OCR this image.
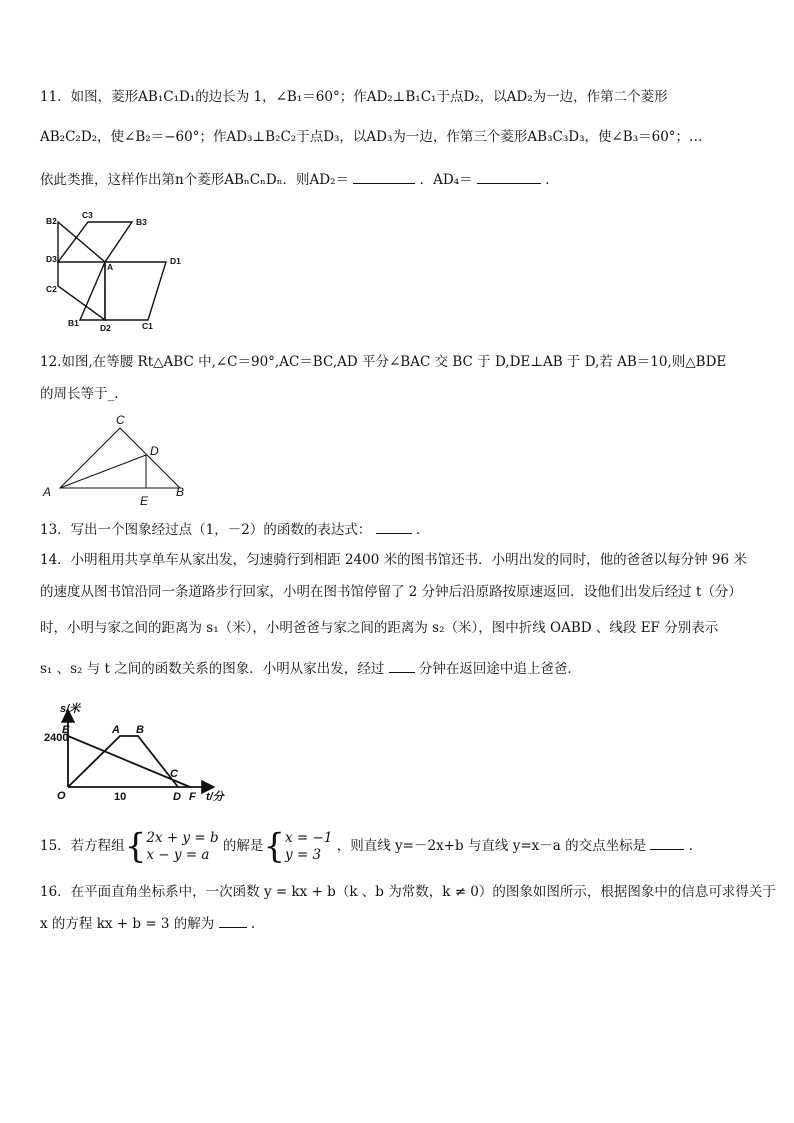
11．如图，菱形AB₁C₁D₁的边长为 1，∠B₁＝60°；作AD₂⊥B₁C₁于点D₂，以AD₂为一边，作第二个菱形
AB₂C₂D₂，使∠B₂＝−60°；作AD₃⊥B₂C₂于点D₃，以AD₃为一边，作第三个菱形AB₃C₃D₃，使∠B₃＝60°；…
依此类推，这样作出第n个菱形ABₙCₙDₙ．则AD₂＝	．AD₄＝	．
B2
C3
B3
D3
A
D1
C2
B1 D2	C1
12.如图,在等腰 Rt△ABC 中,∠C＝90°,AC＝BC,AD 平分∠BAC 交 BC 于 D,DE⊥AB 于 D,若 AB＝10,则△BDE
的周长等于_.
C
D
A
E
B
13．写出一个图象经过点（1，－2）的函数的表达式：	．
14．小明租用共享单车从家出发，匀速骑行到相距 2400 米的图书馆还书．小明出发的同时，他的爸爸以每分钟 96 米
的速度从图书馆沿同一条道路步行回家，小明在图书馆停留了 2 分钟后沿原路按原速返回．设他们出发后经过 t（分）
时，小明与家之间的距离为 s₁（米），小明爸爸与家之间的距离为 s₂（米），图中折线 OABD 、线段 EF 分别表示
s₁ 、s₂ 与 t 之间的函数关系的图象．小明从家出发，经过	分钟在返回途中追上爸爸．
s/米
t/分
2400
10
E	A B
C
O	D F
15．若方程组{2x + y = b
x − y = a 的解是{x = −1
y = 3 ，则直线 y=－2x+b 与直线 y=x－a 的交点坐标是	．
16．在平面直角坐标系中，一次函数 y = kx + b（k 、b 为常数，k ≠ 0）的图象如图所示，根据图象中的信息可求得关于
x 的方程 kx + b = 3 的解为	.
